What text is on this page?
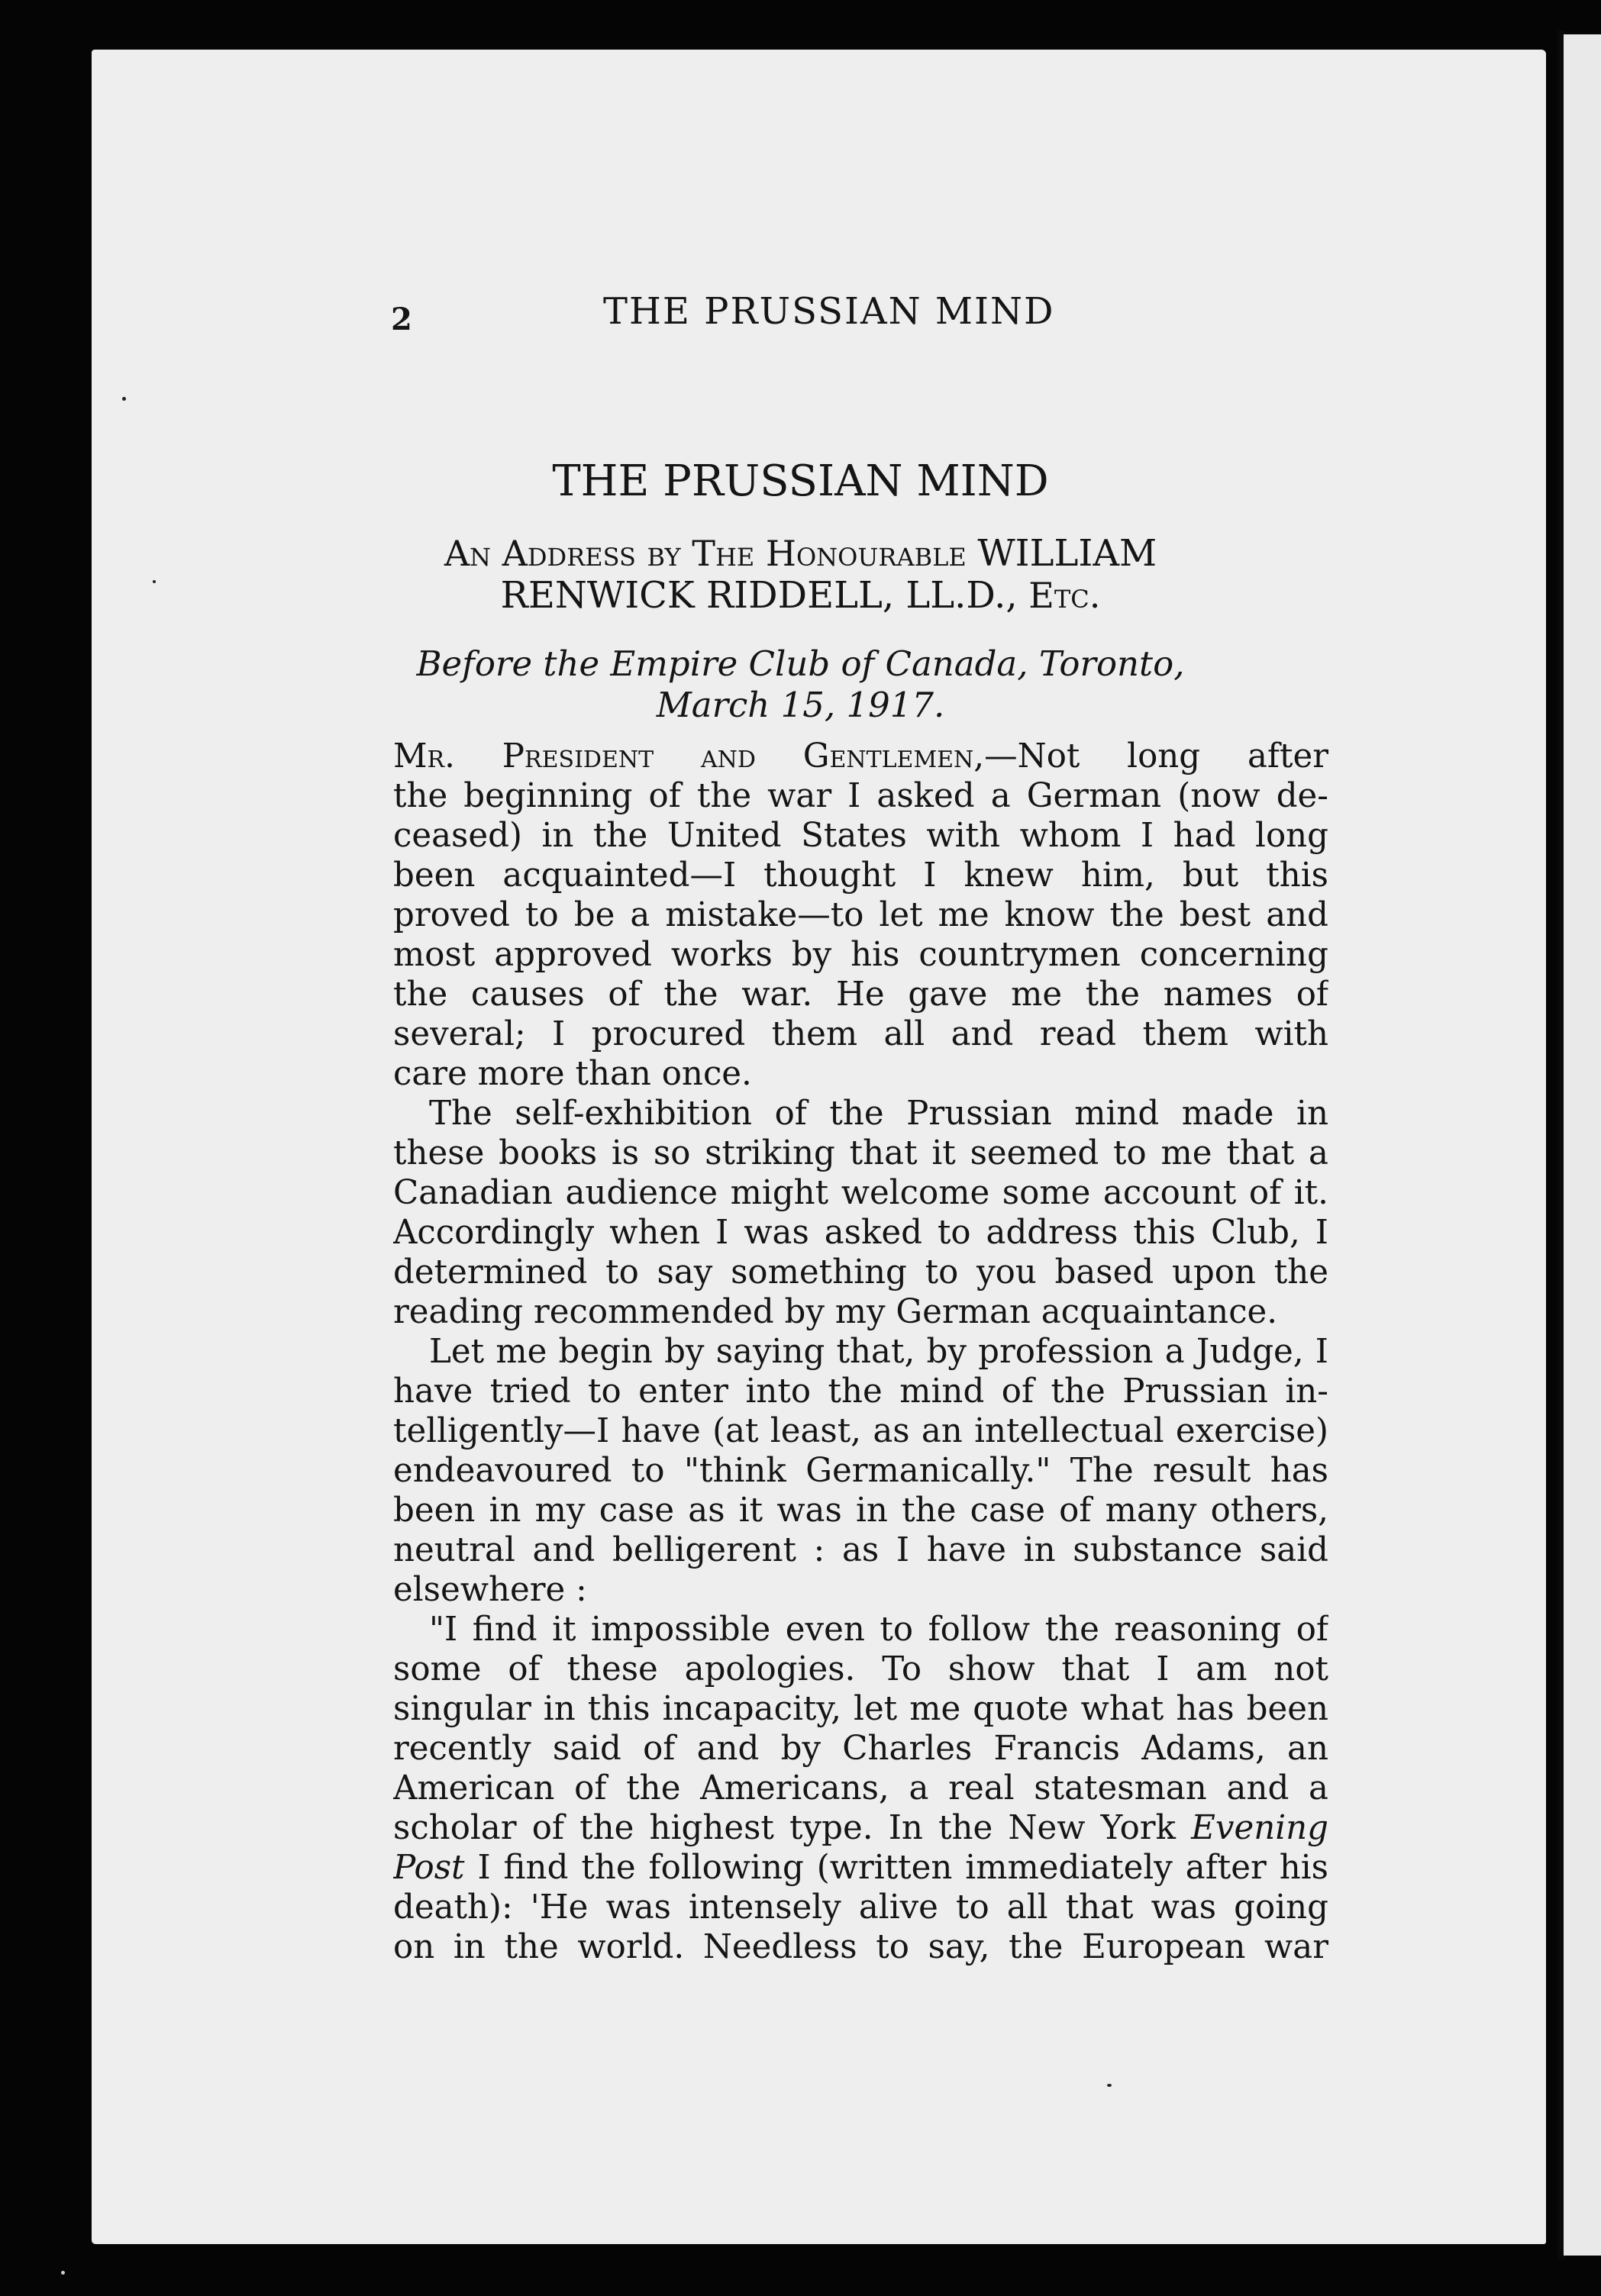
2	THE PRUSSIAN MIND
THE PRUSSIAN MIND
An Address by The Honourable WILLIAM
RENWICK RIDDELL, LL.D., Etc.
Before the Empire Club of Canada, Toronto,
March 15, 1917.
Mr. President and Gentlemen,—Not long after
the beginning of the war I asked a German (now de-
ceased) in the United States with whom I had long
been acquainted—I thought I knew him, but this
proved to be a mistake—to let me know the best and
most approved works by his countrymen concerning
the causes of the war. He gave me the names of
several; I procured them all and read them with
care more than once.
The self-exhibition of the Prussian mind made in
these books is so striking that it seemed to me that a
Canadian audience might welcome some account of it.
Accordingly when I was asked to address this Club, I
determined to say something to you based upon the
reading recommended by my German acquaintance.
Let me begin by saying that, by profession a Judge, I
have tried to enter into the mind of the Prussian in-
telligently—I have (at least, as an intellectual exercise)
endeavoured to "think Germanically." The result has
been in my case as it was in the case of many others,
neutral and belligerent : as I have in substance said
elsewhere :
"I find it impossible even to follow the reasoning of
some of these apologies. To show that I am not
singular in this incapacity, let me quote what has been
recently said of and by Charles Francis Adams, an
American of the Americans, a real statesman and a
scholar of the highest type. In the New York Evening
Post I find the following (written immediately after his
death): 'He was intensely alive to all that was going
on in the world. Needless to say, the European war
